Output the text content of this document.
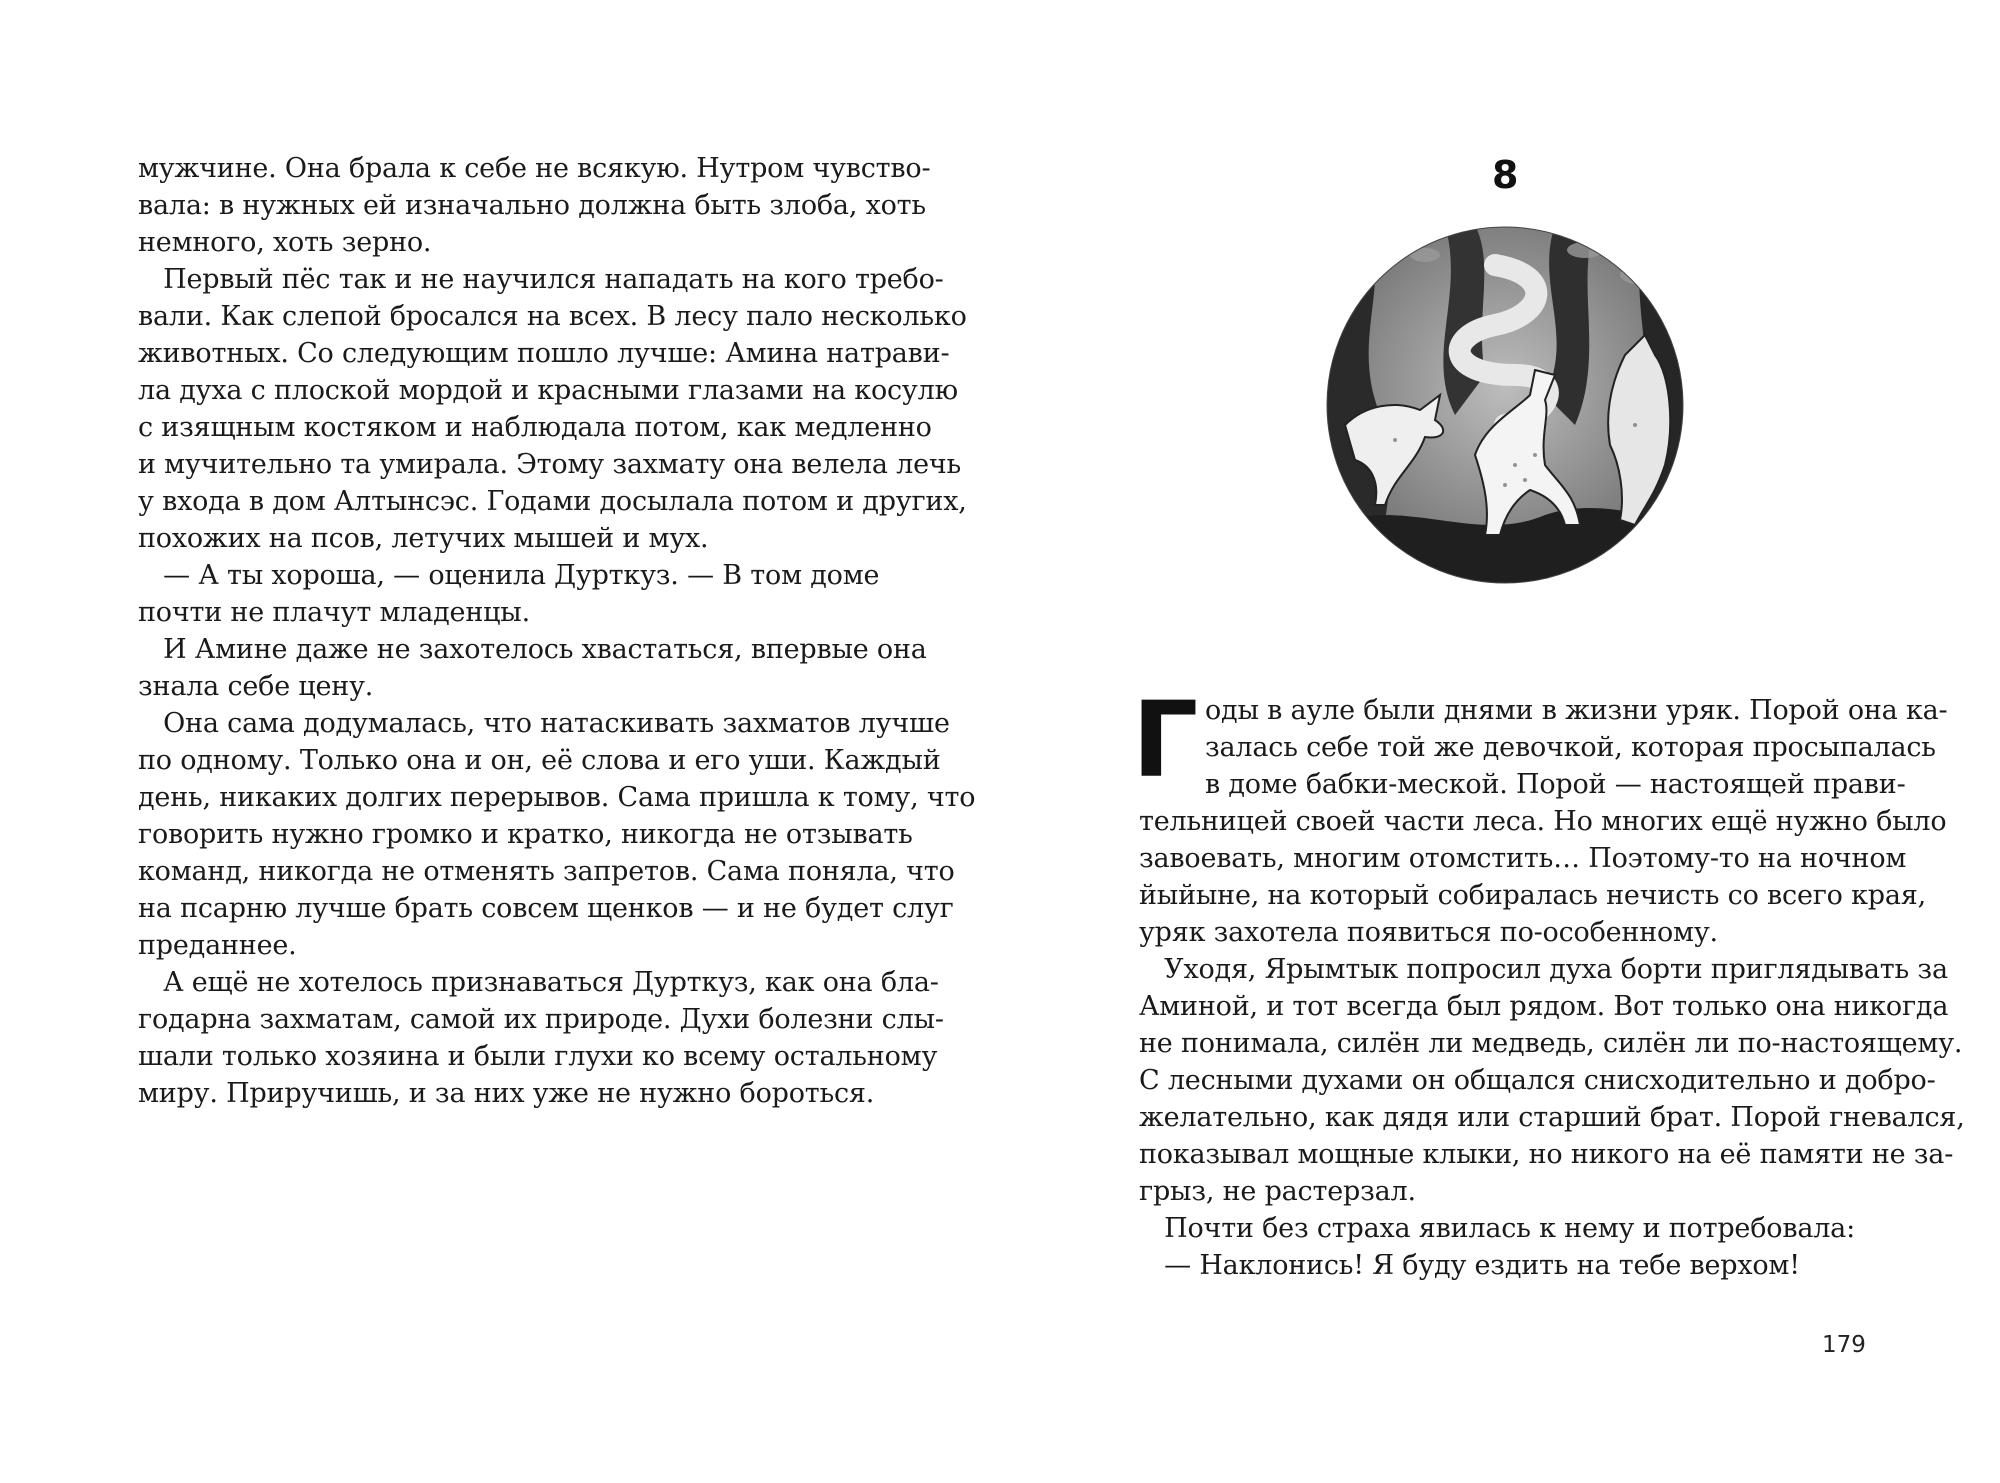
мужчине. Она брала к себе не всякую. Нутром чувство-
вала: в нужных ей изначально должна быть злоба, хоть
немного, хоть зерно.

Первый пёс так и не научился нападать на кого требо-
вали. Как слепой бросался на всех. В лесу пало несколько
животных. Со следующим пошло лучше: Амина натрави-
ла духа с плоской мордой и красными глазами на косулю
с изящным костяком и наблюдала потом, как медленно
и мучительно та умирала. Этому захмату она велела лечь
у входа в дом Алтынсэс. Годами досылала потом и других,
похожих на псов, летучих мышей и мух.

— А ты хороша, — оценила Дурткуз. — В том доме
почти не плачут младенцы.

И Амине даже не захотелось хвастаться, впервые она
знала себе цену.

Она сама додумалась, что натаскивать захматов лучше
по одному. Только она и он, её слова и его уши. Каждый
день, никаких долгих перерывов. Сама пришла к тому, что
говорить нужно громко и кратко, никогда не отзывать
команд, никогда не отменять запретов. Сама поняла, что
на псарню лучше брать совсем щенков — и не будет слуг
преданнее.

А ещё не хотелось признаваться Дурткуз, как она бла-
годарна захматам, самой их природе. Духи болезни слы-
шали только хозяина и были глухи ко всему остальному
миру. Приручишь, и за них уже не нужно бороться.

8
Г оды в ауле были днями в жизни уряк. Порой она ка-
залась себе той же девочкой, которая просыпалась
в доме бабки-меской. Порой — настоящей прави-

тельницей своей части леса. Но многих ещё нужно было
завоевать, многим отомстить… Поэтому-то на ночном
йыйыне, на который собиралась нечисть со всего края,
уряк захотела появиться по-особенному.

Уходя, Ярымтык попросил духа борти приглядывать за
Аминой, и тот всегда был рядом. Вот только она никогда
не понимала, силён ли медведь, силён ли по-настоящему.
С лесными духами он общался снисходительно и добро-
желательно, как дядя или старший брат. Порой гневался,
показывал мощные клыки, но никого на её памяти не за-
грыз, не растерзал.

Почти без страха явилась к нему и потребовала:
— Наклонись! Я буду ездить на тебе верхом!

179
